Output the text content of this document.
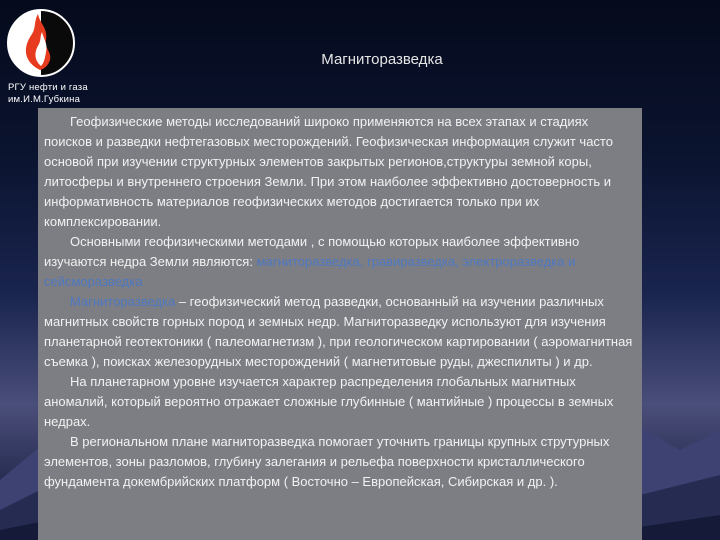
РГУ нефти и газа
им.И.М.Губкина
Магниторазведка

Геофизические методы исследований широко применяются на всех этапах и стадиях поисков и разведки нефтегазовых месторождений. Геофизическая информация служит часто основой при изучении структурных элементов закрытых регионов,структуры земной коры, литосферы и внутреннего строения Земли. При этом наиболее эффективно достоверность и информативность материалов геофизических методов достигается только при их комплексировании.

Основными геофизическими методами , с помощью которых наиболее эффективно изучаются недра Земли являются: магниторазведка, гравиразведка, электроразведка и сейсморазведка

Магниторазведка – геофизический метод разведки, основанный на изучении различных магнитных свойств горных пород и земных недр. Магниторазведку используют для изучения планетарной геотектоники ( палеомагнетизм ), при геологическом картировании ( аэромагнитная съемка ), поисках железорудных месторождений ( магнетитовые руды, джеспилиты ) и др.

На планетарном уровне изучается характер распределения глобальных магнитных аномалий, который вероятно отражает сложные глубинные ( мантийные ) процессы в земных недрах.

В региональном плане магниторазведка помогает уточнить границы крупных струтурных элементов, зоны разломов, глубину залегания и рельефа поверхности кристаллического фундамента докембрийских платформ ( Восточно – Европейская, Сибирская и др. ).
